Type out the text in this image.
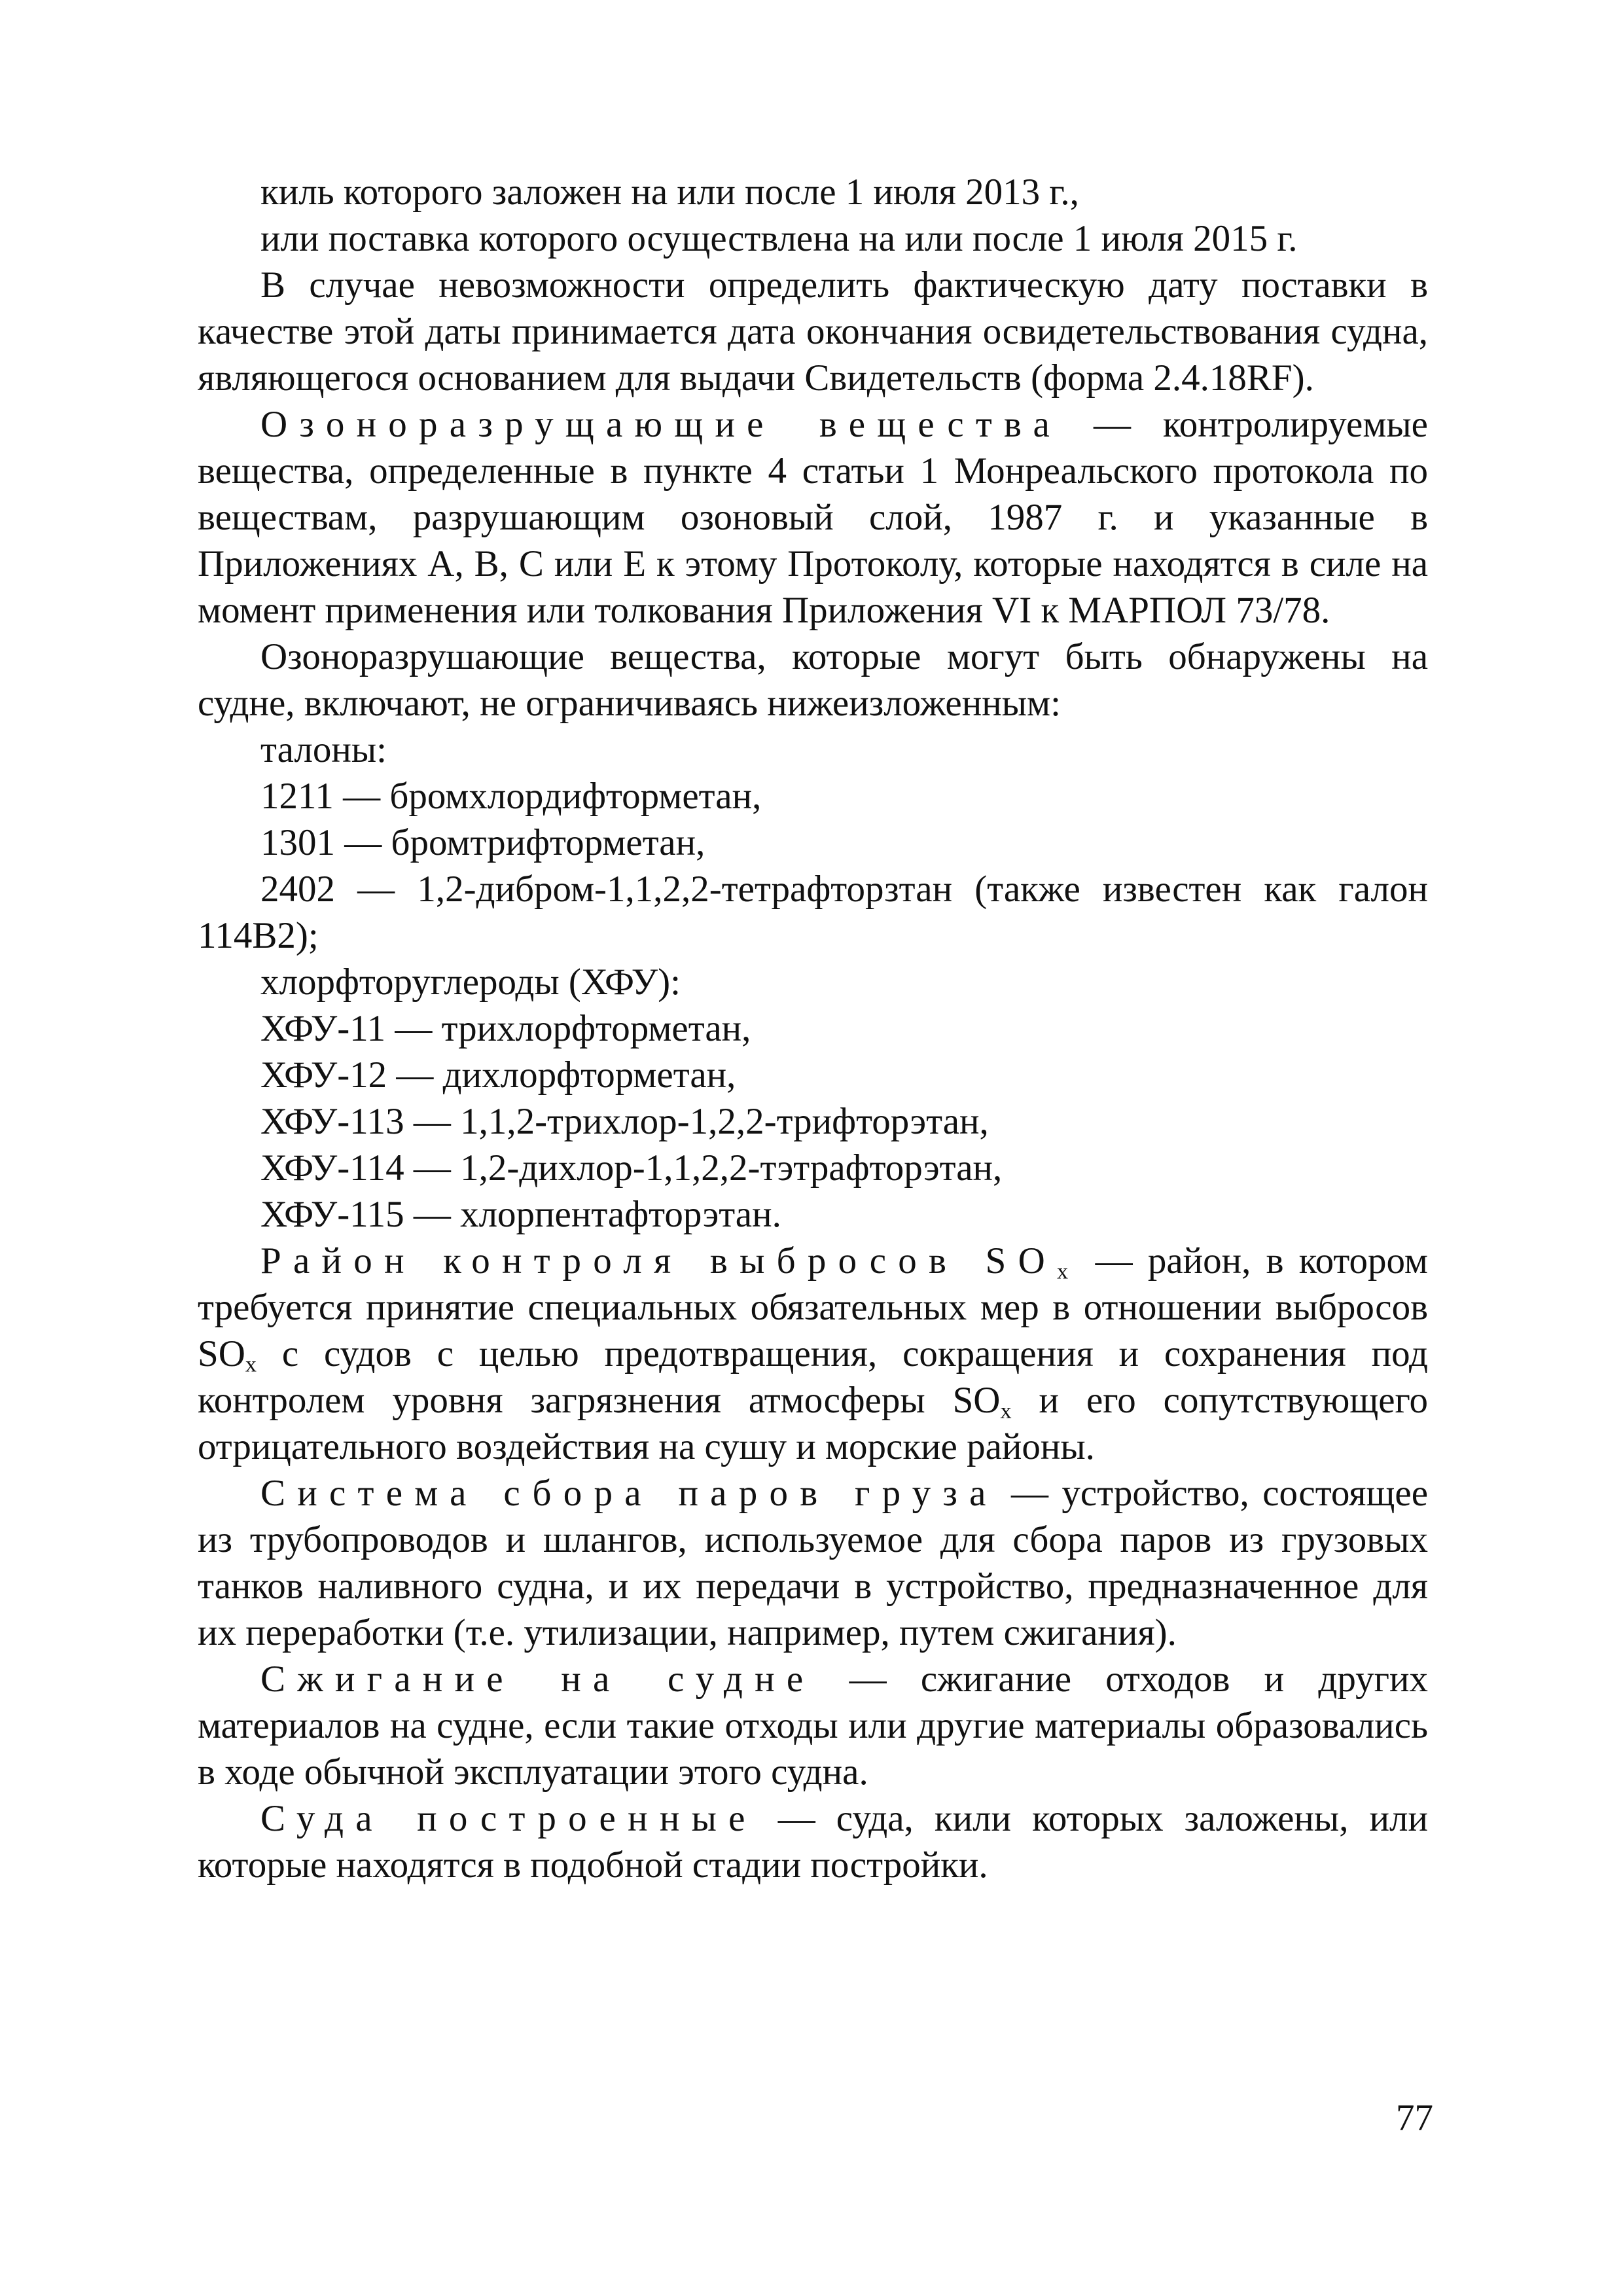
киль которого заложен на или после 1 июля 2013 г.,

или поставка которого осуществлена на или после 1 июля 2015 г.

В случае невозможности определить фактическую дату поставки в качестве этой даты принимается дата окончания освидетельствования судна, являющегося основанием для выдачи Свидетельств (форма 2.4.18RF).

Озоноразрущающие вещества — контролируемые вещества, определенные в пункте 4 статьи 1 Монреальского протокола по веществам, разрушающим озоновый слой, 1987 г. и указанные в Приложениях А, В, С или Е к этому Протоколу, которые находятся в силе на момент применения или толкования Приложения VI к МАРПОЛ 73/78.

Озоноразрушающие вещества, которые могут быть обнаружены на судне, включают, не ограничиваясь нижеизложенным:

талоны:

1211 — бромхлордифторметан,

1301 — бромтрифторметан,

2402 — 1,2-дибром-1,1,2,2-тетрафторзтан (также известен как галон 114В2);

хлорфторуглероды (ХФУ):

ХФУ-11 — трихлорфторметан,

ХФУ-12 — дихлорфторметан,

ХФУ-113 — 1,1,2-трихлор-1,2,2-трифторэтан,

ХФУ-114 — 1,2-дихлор-1,1,2,2-тэтрафторэтан,

ХФУ-115 — хлорпентафторэтан.

Район контроля выбросов $SO_x$ — район, в котором требуется принятие специальных обязательных мер в отношении выбросов $SO_x$ с судов с целью предотвращения, сокращения и сохранения под контролем уровня загрязнения атмосферы $SO_x$ и его сопутствующего отрицательного воздействия на сушу и морские районы.

Система сбора паров груза — устройство, состоящее из трубопроводов и шлангов, используемое для сбора паров из грузовых танков наливного судна, и их передачи в устройство, предназначенное для их переработки (т.е. утилизации, например, путем сжигания).

Сжигание на судне — сжигание отходов и других материалов на судне, если такие отходы или другие материалы образовались в ходе обычной эксплуатации этого судна.

Суда построенные — суда, кили которых заложены, или которые находятся в подобной стадии постройки.

77
